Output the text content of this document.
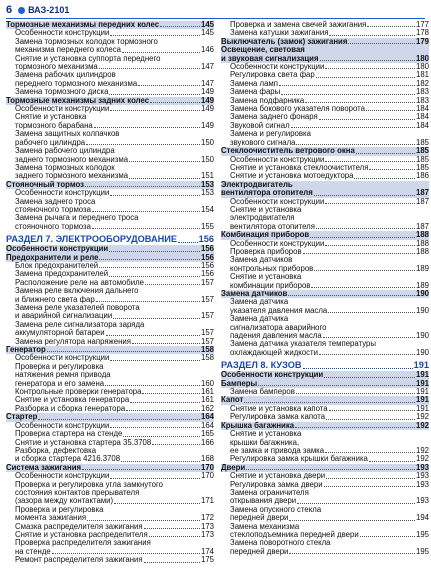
6 ВАЗ-2101
Тормозные механизмы передних колес	145
Особенности конструкции	145
Замена тормозных колодок тормозного
механизма переднего колеса	146
Снятие и установка суппорта переднего
тормозного механизма	147
Замена рабочих цилиндров
переднего тормозного механизма	147
Замена тормозного диска	149
Тормозные механизмы задних колес	149
Особенности конструкции	149
Снятие и установка
тормозного барабана	149
Замена защитных колпачков
рабочего цилиндра	150
Замена рабочего цилиндра
заднего тормозного механизма	150
Замена тормозных колодок
заднего тормозного механизма	151
Стояночный тормоз	153
Особенности конструкции	153
Замена заднего троса
стояночного тормоза	154
Замена рычага и переднего троса
стояночного тормоза	155
РАЗДЕЛ 7. ЭЛЕКТРООБОРУДОВАНИЕ 156
Особенности конструкции	156
Предохранители и реле	156
Блок предохранителей	156
Замена предохранителей	156
Расположение реле на автомобиле	157
Замена реле включения дальнего
и ближнего света фар	157
Замена реле указателей поворота
и аварийной сигнализации	157
Замена реле сигнализатора заряда
аккумуляторной батареи	157
Замена регулятора напряжения	157
Генератор	158
Особенности конструкции	158
Проверка и регулировка
натяжения ремня привода
генератора и его замена	160
Контрольные проверки генератора	161
Снятие и установка генератора	161
Разборка и сборка генератора	162
Стартер	164
Особенности конструкции	164
Проверка стартера на стенде	165
Снятие и установка стартера 35.3708	166
Разборка, дефектовка
и сборка стартера 4216.3708	168
Система зажигания	170
Особенности конструкции	170
Проверка и регулировка угла замкнутого
состояния контактов прерывателя
(зазора между контактами)	171
Проверка и регулировка
момента зажигания	172
Смазка распределителя зажигания	173
Снятие и установка распределителя	173
Проверка распределителя зажигания
на стенде	174
Ремонт распределителя зажигания	175
Проверка и замена свечей зажигания	177
Замена катушки зажигания	178
Выключатель (замок) зажигания	179
Освещение, световая
и звуковая сигнализация	180
Особенности конструкции	180
Регулировка света фар	181
Замена ламп	182
Замена фары	183
Замена подфарника	183
Замена бокового указателя поворота	184
Замена заднего фонаря	184
Звуковой сигнал	184
Замена и регулировка
звукового сигнала	185
Стеклоочиститель ветрового окна	185
Особенности конструкции	185
Снятие и установка стеклоочистителя	185
Снятие и установка мотоедуктора	186
Электродвигатель
вентилятора отопителя	187
Особенности конструкции	187
Снятие и установка
электродвигателя
вентилятора отопителя	187
Комбинация приборов	188
Особенности конструкции	188
Проверка приборов	188
Замена датчиков
контрольных приборов	189
Снятие и установка
комбинации приборов	189
Замена датчиков	190
Замена датчика
указателя давления масла	190
Замена датчика
сигнализатора аварийного
падения давления масла	190
Замена датчика указателя температуры
охлаждающей жидкости	190
РАЗДЕЛ 8. КУЗОВ	191
Особенности конструкции	191
Бамперы	191
Замена бамперов	191
Капот	191
Снятие и установка капота	191
Регулировка замка капота	192
Крышка багажника	192
Снятие и установка
крышки багажника,
ее замка и привода замка	192
Регулировка замка крышки багажника	192
Двери	193
Снятие и установка двери	193
Регулировка замка двери	193
Замена ограничителя
открывания двери	193
Замена опускного стекла
передней двери	194
Замена механизма
стеклоподъемника передней двери	195
Замена поворотного стекла
передней двери	195
